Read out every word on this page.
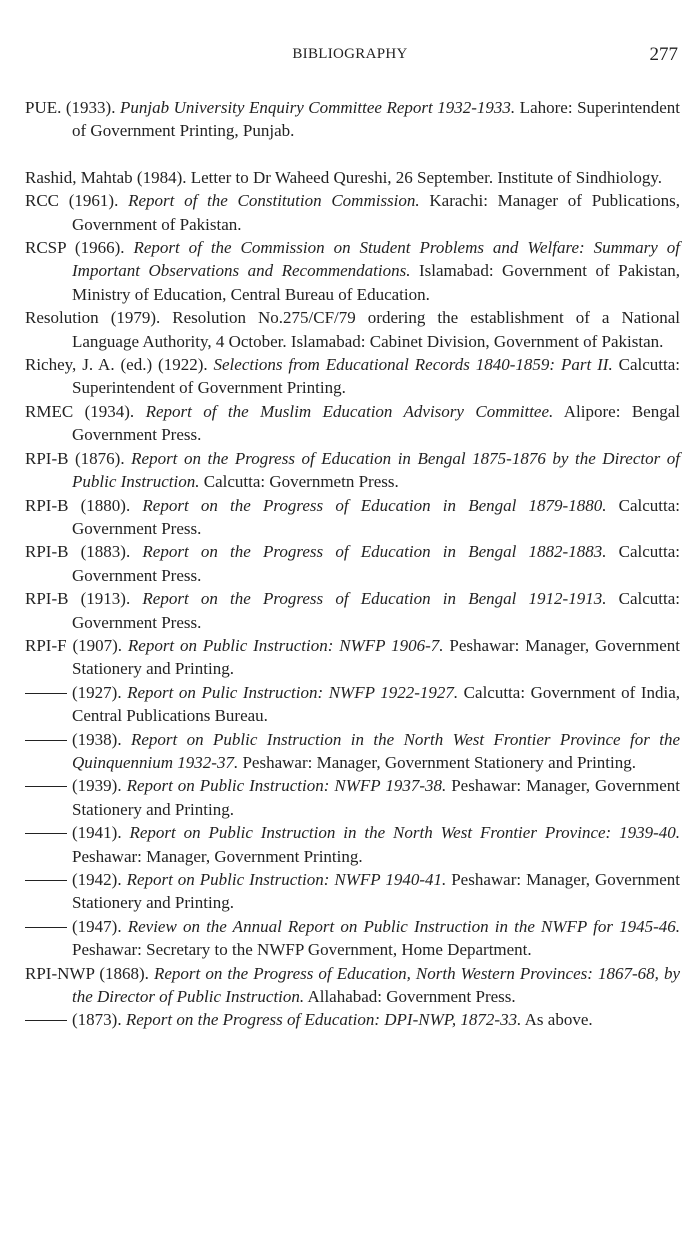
BIBLIOGRAPHY	277

PUE. (1933). Punjab University Enquiry Committee Report 1932-1933. Lahore: Superintendent of Government Printing, Punjab.

Rashid, Mahtab (1984). Letter to Dr Waheed Qureshi, 26 September. Institute of Sindhiology.

RCC (1961). Report of the Constitution Commission. Karachi: Manager of Publications, Government of Pakistan.

RCSP (1966). Report of the Commission on Student Problems and Welfare: Summary of Important Observations and Recommendations. Islamabad: Government of Pakistan, Ministry of Education, Central Bureau of Education.

Resolution (1979). Resolution No.275/CF/79 ordering the establishment of a National Language Authority, 4 October. Islamabad: Cabinet Division, Government of Pakistan.

Richey, J. A. (ed.) (1922). Selections from Educational Records 1840-1859: Part II. Calcutta: Superintendent of Government Printing.

RMEC (1934). Report of the Muslim Education Advisory Committee. Alipore: Bengal Government Press.

RPI-B (1876). Report on the Progress of Education in Bengal 1875-1876 by the Director of Public Instruction. Calcutta: Governmetn Press.

RPI-B (1880). Report on the Progress of Education in Bengal 1879-1880. Calcutta: Government Press.

RPI-B (1883). Report on the Progress of Education in Bengal 1882-1883. Calcutta: Government Press.

RPI-B (1913). Report on the Progress of Education in Bengal 1912-1913. Calcutta: Government Press.

RPI-F (1907). Report on Public Instruction: NWFP 1906-7. Peshawar: Manager, Government Stationery and Printing.

(1927). Report on Pulic Instruction: NWFP 1922-1927. Calcutta: Government of India, Central Publications Bureau.

(1938). Report on Public Instruction in the North West Frontier Province for the Quinquennium 1932-37. Peshawar: Manager, Government Stationery and Printing.

(1939). Report on Public Instruction: NWFP 1937-38. Peshawar: Manager, Government Stationery and Printing.

(1941). Report on Public Instruction in the North West Frontier Province: 1939-40. Peshawar: Manager, Government Printing.

(1942). Report on Public Instruction: NWFP 1940-41. Peshawar: Manager, Government Stationery and Printing.

(1947). Review on the Annual Report on Public Instruction in the NWFP for 1945-46. Peshawar: Secretary to the NWFP Government, Home Department.

RPI-NWP (1868). Report on the Progress of Education, North Western Provinces: 1867-68, by the Director of Public Instruction. Allahabad: Government Press.

(1873). Report on the Progress of Education: DPI-NWP, 1872-33. As above.
